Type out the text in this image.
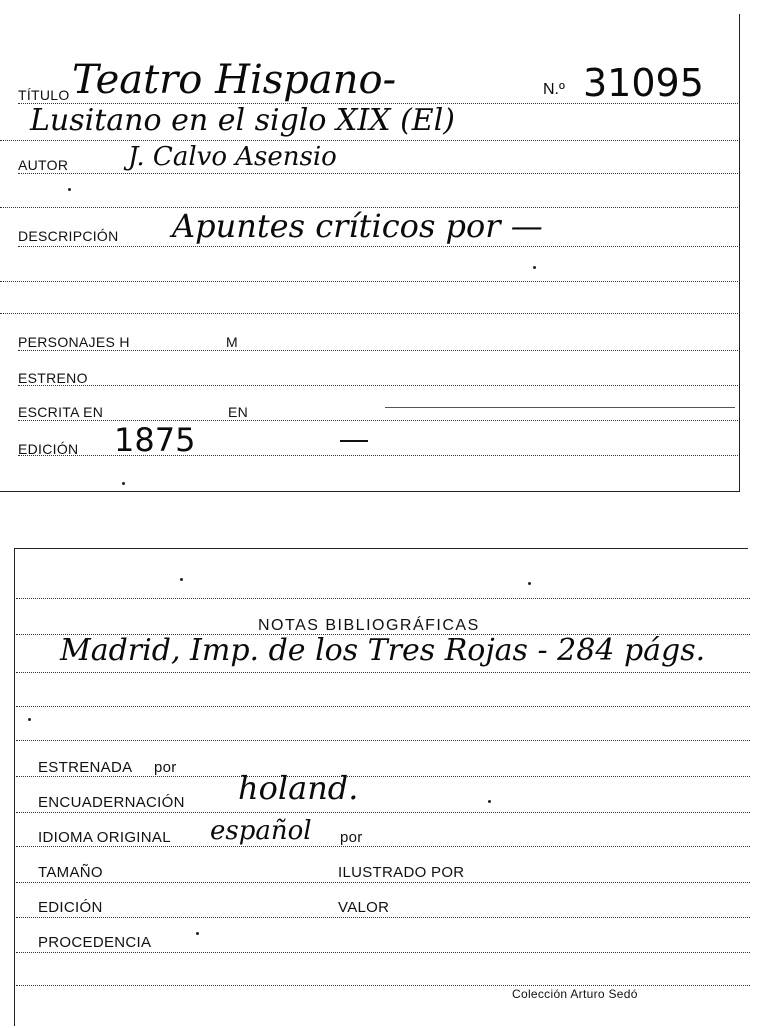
TÍTULO Teatro Hispano-	N.º 31095
Lusitano en el siglo XIX (El)
AUTOR J. Calvo Asensio
DESCRIPCIÓN Apuntes críticos por —
PERSONAJES H	M
ESTRENO
ESCRITA EN	EN
EDICIÓN 1875
NOTAS BIBLIOGRÁFICAS
Madrid, Imp. de los Tres Rojas - 284 págs.
ESTRENADA por
ENCUADERNACIÓN holand.
IDIOMA ORIGINAL español por
TAMAÑO	ILUSTRADO POR
EDICIÓN	VALOR
PROCEDENCIA
Colección Arturo Sedó
